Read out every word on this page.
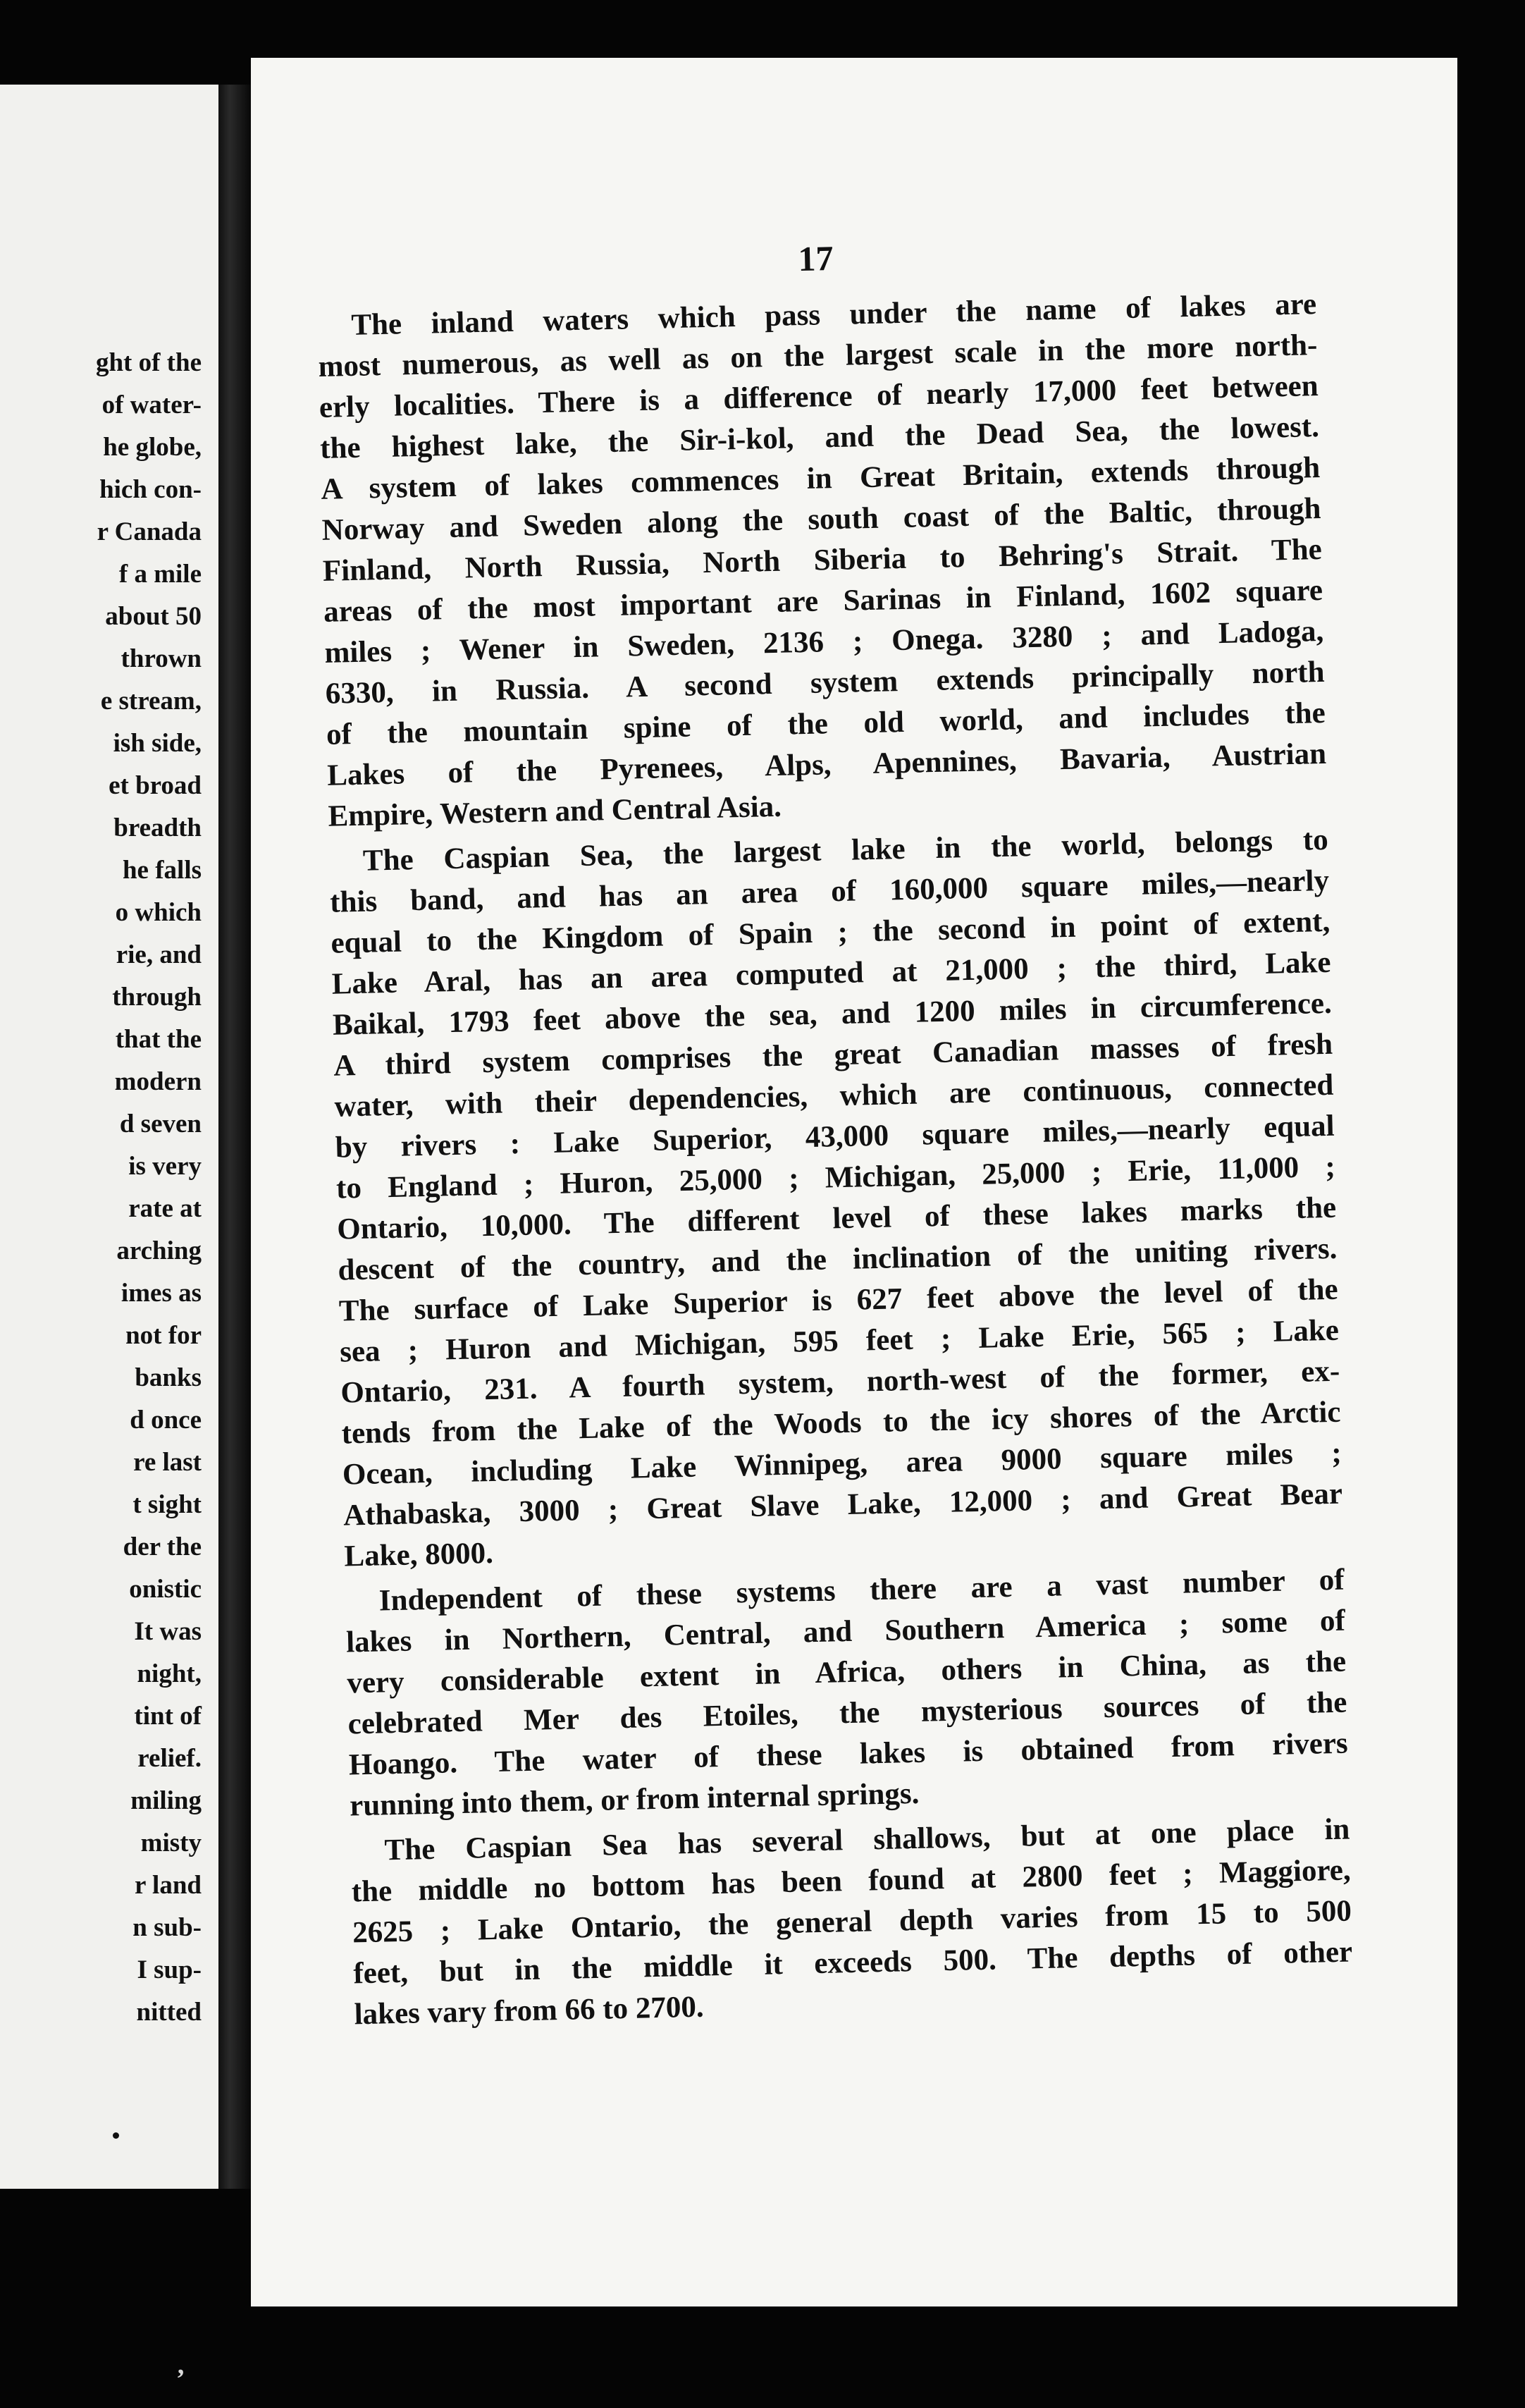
ght of the
of water-
he globe,
hich con-
r Canada
f a mile
about 50
thrown
e stream,
ish side,
et broad
breadth
he falls
o which
rie, and
through
that the
modern
d seven
is very
rate at
arching
imes as
not for
banks
d once
re last
t sight
der the
onistic
It was
night,
tint of
relief.
miling
misty
r land
n sub-
I sup-
nitted
17

The inland waters which pass under the name of lakes are
most numerous, as well as on the largest scale in the more north-
erly localities. There is a difference of nearly 17,000 feet between
the highest lake, the Sir-i-kol, and the Dead Sea, the lowest.
A system of lakes commences in Great Britain, extends through
Norway and Sweden along the south coast of the Baltic, through
Finland, North Russia, North Siberia to Behring's Strait. The
areas of the most important are Sarinas in Finland, 1602 square
miles ; Wener in Sweden, 2136 ; Onega. 3280 ; and Ladoga,
6330, in Russia. A second system extends principally north
of the mountain spine of the old world, and includes the
Lakes of the Pyrenees, Alps, Apennines, Bavaria, Austrian
Empire, Western and Central Asia.

The Caspian Sea, the largest lake in the world, belongs to
this band, and has an area of 160,000 square miles,—nearly
equal to the Kingdom of Spain ; the second in point of extent,
Lake Aral, has an area computed at 21,000 ; the third, Lake
Baikal, 1793 feet above the sea, and 1200 miles in circumference.
A third system comprises the great Canadian masses of fresh
water, with their dependencies, which are continuous, connected
by rivers : Lake Superior, 43,000 square miles,—nearly equal
to England ; Huron, 25,000 ; Michigan, 25,000 ; Erie, 11,000 ;
Ontario, 10,000. The different level of these lakes marks the
descent of the country, and the inclination of the uniting rivers.
The surface of Lake Superior is 627 feet above the level of the
sea ; Huron and Michigan, 595 feet ; Lake Erie, 565 ; Lake
Ontario, 231. A fourth system, north-west of the former, ex-
tends from the Lake of the Woods to the icy shores of the Arctic
Ocean, including Lake Winnipeg, area 9000 square miles ;
Athabaska, 3000 ; Great Slave Lake, 12,000 ; and Great Bear
Lake, 8000.

Independent of these systems there are a vast number of
lakes in Northern, Central, and Southern America ; some of
very considerable extent in Africa, others in China, as the
celebrated Mer des Etoiles, the mysterious sources of the
Hoango. The water of these lakes is obtained from rivers
running into them, or from internal springs.

The Caspian Sea has several shallows, but at one place in
the middle no bottom has been found at 2800 feet ; Maggiore,
2625 ; Lake Ontario, the general depth varies from 15 to 500
feet, but in the middle it exceeds 500. The depths of other
lakes vary from 66 to 2700.

ʼ
